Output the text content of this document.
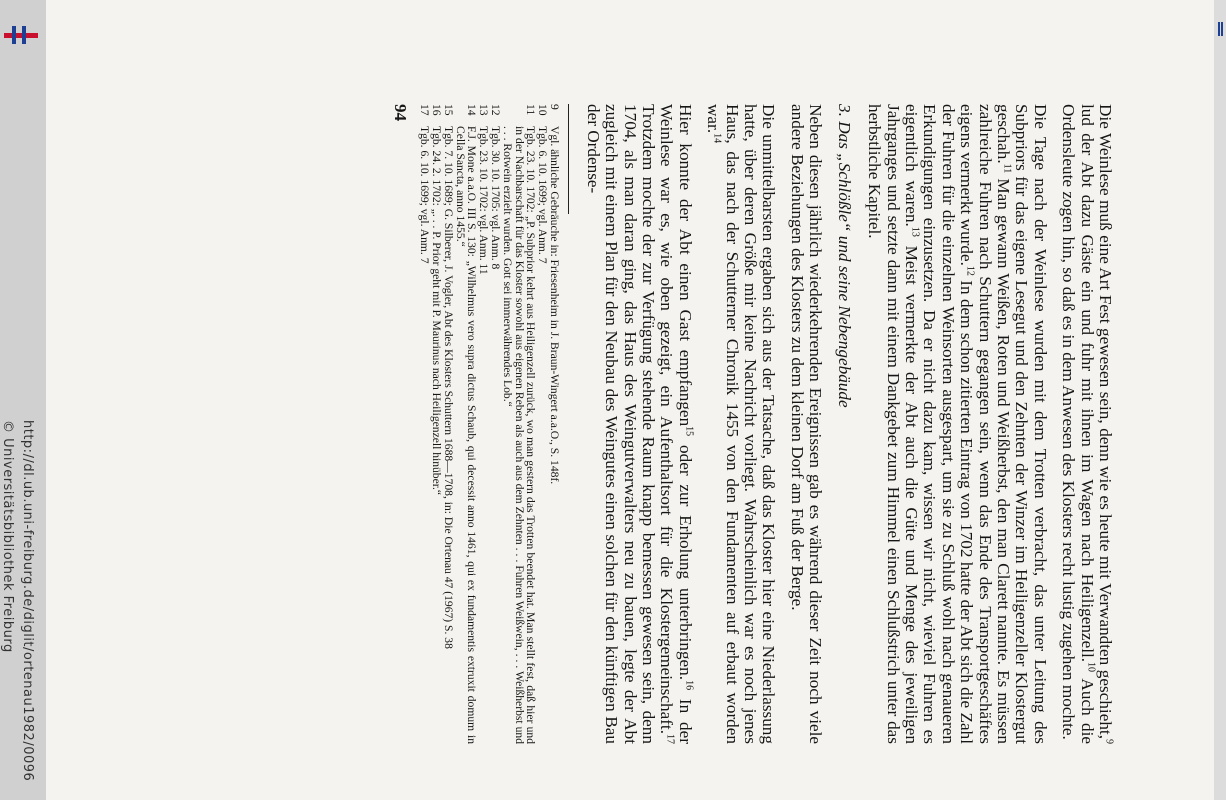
http://dl.ub.uni-freiburg.de/diglit/ortenau1982/0096
© Universitätsbibliothek Freiburg	Die Weinlese muß eine Art Fest gewesen sein, denn wie es heute mit Verwandten geschieht,$^9$ lud der Abt dazu Gäste ein und fuhr mit ihnen im Wagen nach Heiligenzell.$^{10}$ Auch die Ordensleute zogen hin, so daß es in dem Anwesen des Klosters recht lustig zugehen mochte.

Die Tage nach der Weinlese wurden mit dem Trotten verbracht, das unter Leitung des Subpriors für das eigene Lesegut und den Zehnten der Winzer im Heiligenzeller Klostergut geschah.$^{11}$ Man gewann Weißen, Roten und Weißherbst, den man Clarett nannte. Es müssen zahlreiche Fuhren nach Schuttern gegangen sein, wenn das Ende des Transportgeschäftes eigens vermerkt wurde.$^{12}$ In dem schon zitierten Eintrag von 1702 hatte der Abt sich die Zahl der Fuhren für die einzelnen Weinsorten ausgespart, um sie zu Schluß wohl nach genaueren Erkundigungen einzusetzen. Da er nicht dazu kam, wissen wir nicht, wieviel Fuhren es eigentlich waren.$^{13}$ Meist vermerkte der Abt auch die Güte und Menge des jeweiligen Jahrganges und setzte dann mit einem Dankgebet zum Himmel einen Schlußstrich unter das herbstliche Kapitel.

3. Das „Schlößle“ und seine Nebengebäude

Neben diesen jährlich wiederkehrenden Ereignissen gab es während dieser Zeit noch viele andere Beziehungen des Klosters zu dem kleinen Dorf am Fuß der Berge.

Die unmittelbarsten ergaben sich aus der Tatsache, daß das Kloster hier eine Niederlassung hatte, über deren Größe mir keine Nachricht vorliegt. Wahrscheinlich war es noch jenes Haus, das nach der Schutterner Chronik 1455 von den Fundamenten auf erbaut worden war.$^{14}$

Hier konnte der Abt einen Gast empfangen$^{15}$ oder zur Erholung unterbringen.$^{16}$ In der Weinlese war es, wie oben gezeigt, ein Aufenthaltsort für die Klostergemeinschaft.$^{17}$ Trotzdem mochte der zur Verfügung stehende Raum knapp bemessen gewesen sein, denn 1704, als man daran ging, das Haus des Weingutverwalters neu zu bauen, legte der Abt zugleich mit einem Plan für den Neubau des Weingutes einen solchen für den künftigen Bau der Ordense-

9
Vgl. ähnliche Gebräuche in: Friesenheim in J. Braun-Wingert a.a.O., S. 148f.
10
Tgb. 6. 10. 1699; vgl. Anm. 7
11
Tgb. 23. 10. 1702: „P. Subprior kehrt aus Heiligenzell zurück, wo man gestern das Trotten beendet hat. Man stellt fest, daß hier und in der Nachbarschaft für das Kloster sowohl aus eigenen Reben als auch aus dem Zehnten . . . Fuhren Weißwein, . . . Weißherbst und . . . Rotwein erzielt wurden. Gott sei immerwährendes Lob.“
12
Tgb. 30. 10. 1705: vgl. Anm. 8
13
Tgb. 23. 10. 1702: vgl. Anm. 11
14
F.J. Mone a.a.O. III S. 130: „Wilhelmus vero supra dictus Schaub, qui decessit anno 1461, qui ex fundamentis extruxit domum in Cella Sancta, anno 1455.“
15
Tgb. 7. 10. 1689; G. Silberer, J. Vogler, Abt des Klosters Schuttern 1688—1708, in: Die Ortenau 47 (1967) S. 38
16
Tgb. 24. 2. 1702: „. . . P. Prior geht mit P. Maurinus nach Heiligenzell hinüber.“
17
Tgb. 6. 10. 1699; vgl. Anm. 7
94
